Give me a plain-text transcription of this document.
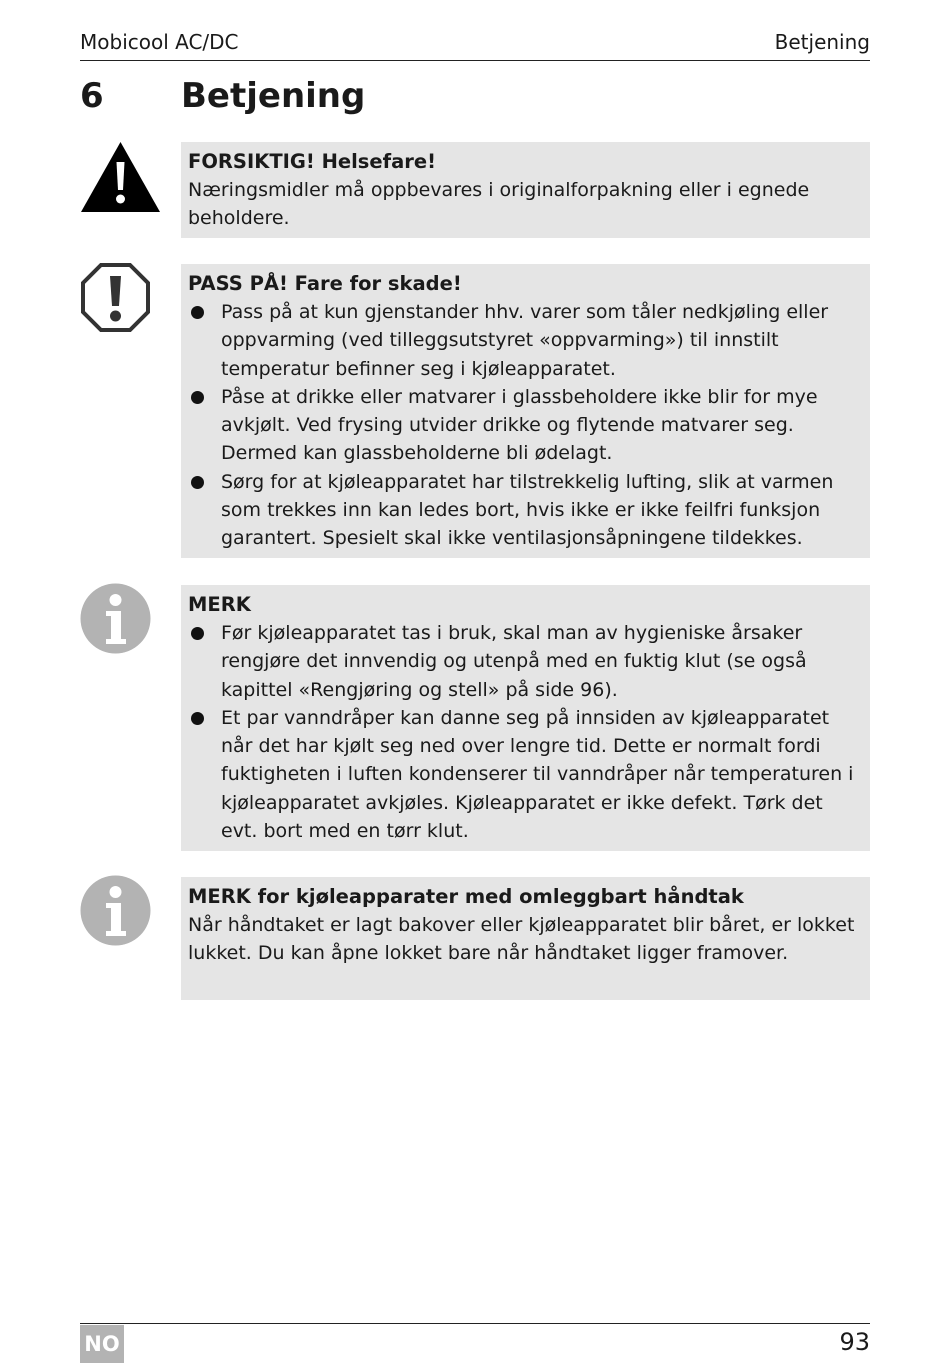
Mobicool AC/DC	Betjening
6 Betjening
FORSIKTIG! Helsefare!
Næringsmidler må oppbevares i originalforpakning eller i egnede beholdere.
PASS PÅ! Fare for skade!
Pass på at kun gjenstander hhv. varer som tåler nedkjøling eller oppvarming (ved tilleggsutstyret «oppvarming») til innstilt temperatur befinner seg i kjøleapparatet.
Påse at drikke eller matvarer i glassbeholdere ikke blir for mye avkjølt. Ved frysing utvider drikke og flytende matvarer seg. Dermed kan glassbeholderne bli ødelagt.
Sørg for at kjøleapparatet har tilstrekkelig lufting, slik at varmen som trekkes inn kan ledes bort, hvis ikke er ikke feilfri funksjon garantert. Spesielt skal ikke ventilasjonsåpningene tildekkes.
MERK
Før kjøleapparatet tas i bruk, skal man av hygieniske årsaker rengjøre det innvendig og utenpå med en fuktig klut (se også kapittel «Rengjøring og stell» på side 96).
Et par vanndråper kan danne seg på innsiden av kjøleapparatet når det har kjølt seg ned over lengre tid. Dette er normalt fordi fuktigheten i luften kondenserer til vanndråper når temperaturen i kjøleapparatet avkjøles. Kjøleapparatet er ikke defekt. Tørk det evt. bort med en tørr klut.
MERK for kjøleapparater med omleggbart håndtak
Når håndtaket er lagt bakover eller kjøleapparatet blir båret, er lokket lukket. Du kan åpne lokket bare når håndtaket ligger framover.
NO	93
